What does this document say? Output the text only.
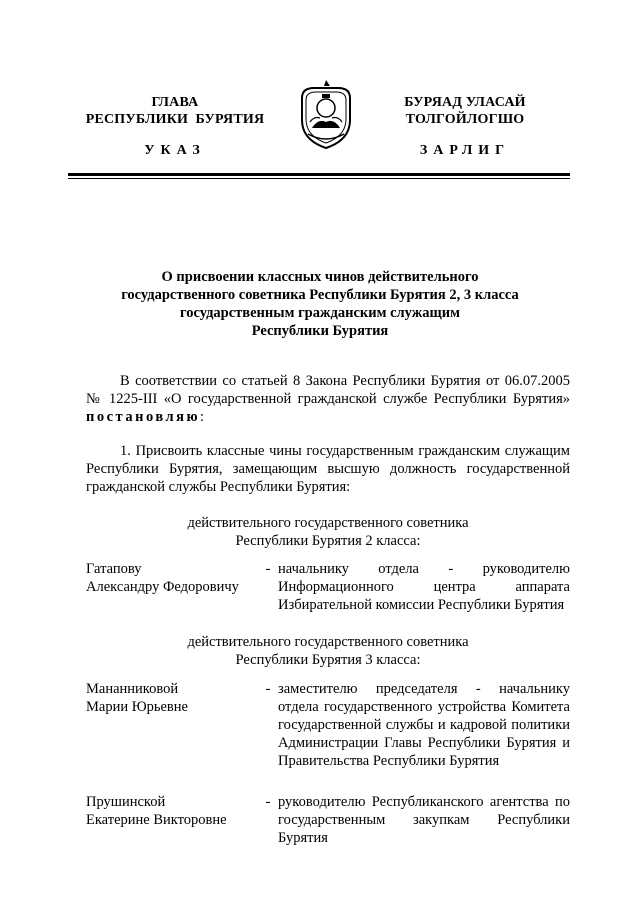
ГЛАВА
РЕСПУБЛИКИ  БУРЯТИЯ
БУРЯАД УЛАСАЙ
ТОЛГОЙЛОГШО
УКАЗ	ЗАРЛИГ
О присвоении классных чинов действительного
государственного советника Республики Бурятия 2, 3 класса
государственным гражданским служащим
Республики Бурятия
В соответствии со статьей 8 Закона Республики Бурятия от 06.07.2005 № 1225-III «О государственной гражданской службе Республики Бурятия» постановляю:
1. Присвоить классные чины государственным гражданским служащим Республики Бурятия, замещающим высшую должность государственной гражданской службы Республики Бурятия:
действительного государственного советника
Республики Бурятия 2 класса:
Гатапову
Александру Федоровичу
- начальнику отдела - руководителю Информационного центра аппарата Избирательной комиссии Республики Бурятия
действительного государственного советника
Республики Бурятия 3 класса:
Мананниковой
Марии Юрьевне
- заместителю председателя - начальнику отдела государственного устройства Комитета государственной службы и кадровой политики Администрации Главы Республики Бурятия и Правительства Республики Бурятия
Прушинской
Екатерине Викторовне
- руководителю Республиканского агентства по государственным закупкам Республики Бурятия
